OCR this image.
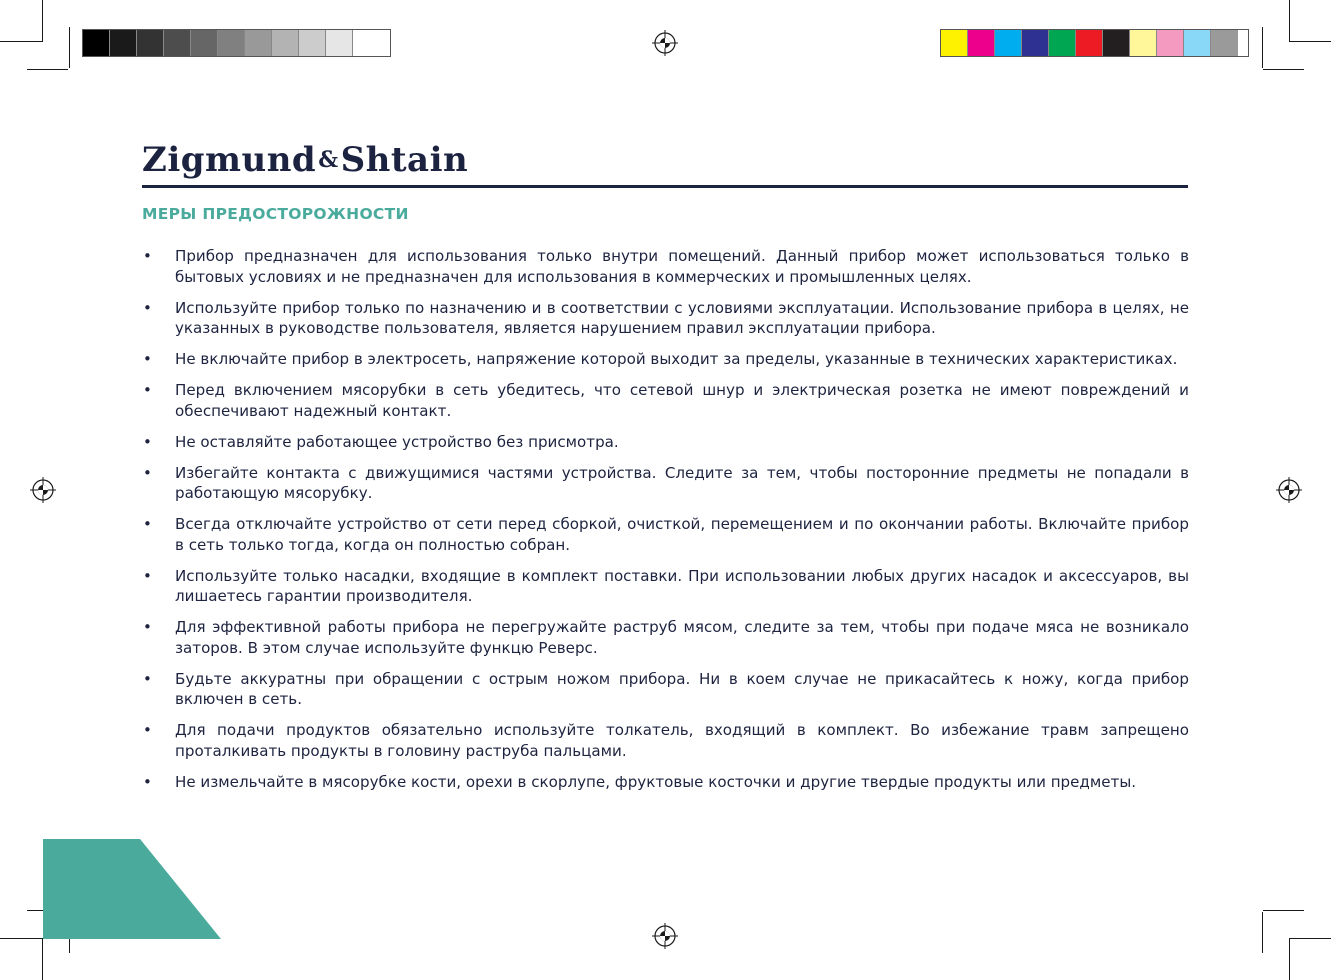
Zigmund&Shtain
МЕРЫ ПРЕДОСТОРОЖНОСТИ
• Прибор предназначен для использования только внутри помещений. Данный прибор может использоваться только в бытовых условиях и не предназначен для использования в коммерческих и промышленных целях.
• Используйте прибор только по назначению и в соответствии с условиями эксплуатации. Использование прибора в целях, не указанных в руководстве пользователя, является нарушением правил эксплуатации прибора.
• Не включайте прибор в электросеть, напряжение которой выходит за пределы, указанные в технических характеристиках.
• Перед включением мясорубки в сеть убедитесь, что сетевой шнур и электрическая розетка не имеют повреждений и обеспечивают надежный контакт.
• Не оставляйте работающее устройство без присмотра.
• Избегайте контакта с движущимися частями устройства. Следите за тем, чтобы посторонние предметы не попадали в работающую мясорубку.
• Всегда отключайте устройство от сети перед сборкой, очисткой, перемещением и по окончании работы. Включайте прибор в сеть только тогда, когда он полностью собран.
• Используйте только насадки, входящие в комплект поставки. При использовании любых других насадок и аксессуаров, вы лишаетесь гарантии производителя.
• Для эффективной работы прибора не перегружайте раструб мясом, следите за тем, чтобы при подаче мяса не возникало заторов. В этом случае используйте функцю Реверс.
• Будьте аккуратны при обращении с острым ножом прибора. Ни в коем случае не прикасайтесь к ножу, когда прибор включен в сеть.
• Для подачи продуктов обязательно используйте толкатель, входящий в комплект. Во избежание травм запрещено проталкивать продукты в головину раструба пальцами.
• Не измельчайте в мясорубке кости, орехи в скорлупе, фруктовые косточки и другие твердые продукты или предметы.
